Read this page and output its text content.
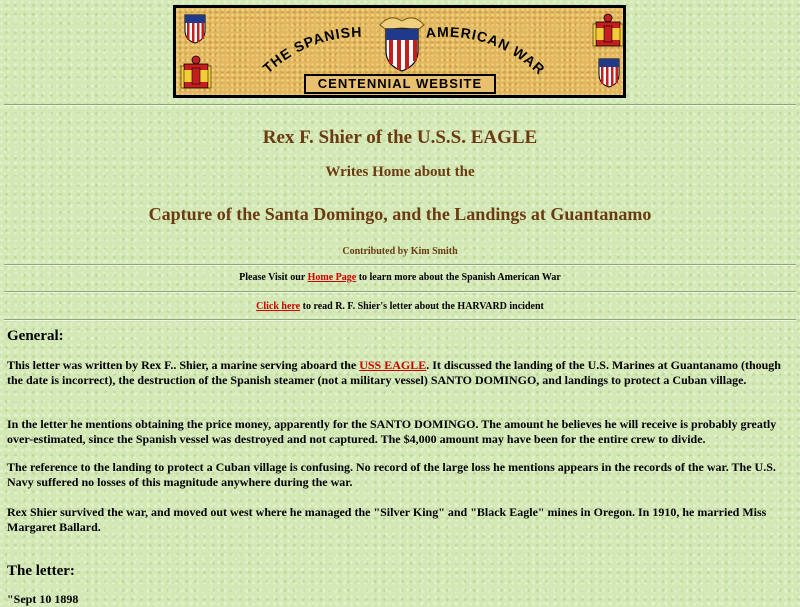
THE SPANISH	AMERICAN WAR
CENTENNIAL WEBSITE
Rex F. Shier of the U.S.S. EAGLE
Writes Home about the
Capture of the Santa Domingo, and the Landings at Guantanamo
Contributed by Kim Smith
Please Visit our Home Page to learn more about the Spanish American War
Click here to read R. F. Shier's letter about the HARVARD incident
General:
This letter was written by Rex F.. Shier, a marine serving aboard the USS EAGLE. It discussed the landing of the U.S. Marines at Guantanamo (though the date is incorrect), the destruction of the Spanish steamer (not a military vessel) SANTO DOMINGO, and landings to protect a Cuban village.
In the letter he mentions obtaining the price money, apparently for the SANTO DOMINGO. The amount he believes he will receive is probably greatly over-estimated, since the Spanish vessel was destroyed and not captured. The $4,000 amount may have been for the entire crew to divide.
The reference to the landing to protect a Cuban village is confusing. No record of the large loss he mentions appears in the records of the war. The U.S. Navy suffered no losses of this magnitude anywhere during the war.
Rex Shier survived the war, and moved out west where he managed the "Silver King" and "Black Eagle" mines in Oregon. In 1910, he married Miss Margaret Ballard.
The letter:
"Sept 10 1898
